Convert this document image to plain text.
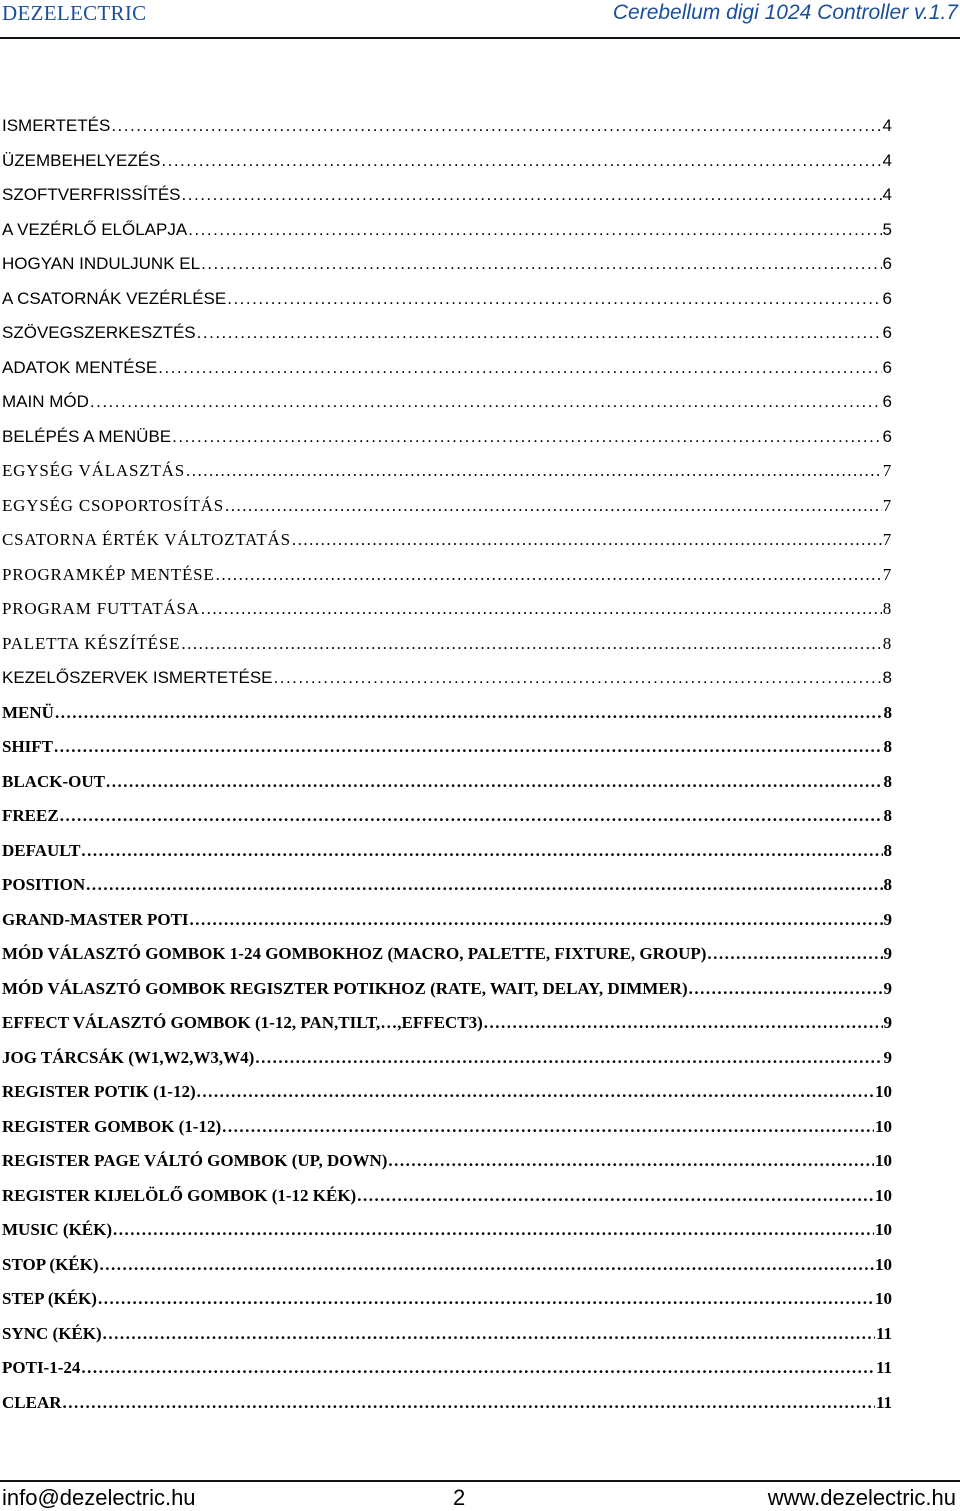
DEZELECTRIC	Cerebellum digi 1024 Controller v.1.7
ISMERTETÉS .....	4
ÜZEMBEHELYEZÉS .....	4
SZOFTVERFRISSÍTÉS .....	4
A VEZÉRLŐ ELŐLAPJA .....	5
HOGYAN INDULJUNK EL .....	6
A CSATORNÁK VEZÉRLÉSE .....	6
SZÖVEGSZERKESZTÉS .....	6
ADATOK MENTÉSE .....	6
MAIN MÓD .....	6
BELÉPÉS A MENÜBE .....	6
EGYSÉG VÁLASZTÁS .....	7
EGYSÉG CSOPORTOSÍTÁS .....	7
CSATORNA ÉRTÉK VÁLTOZTATÁS .....	7
PROGRAMKÉP MENTÉSE .....	7
PROGRAM FUTTATÁSA .....	8
PALETTA KÉSZÍTÉSE .....	8
KEZELŐSZERVEK ISMERTETÉSE .....	8
MENÜ .....	8
SHIFT .....	8
BLACK-OUT .....	8
FREEZ .....	8
DEFAULT .....	8
POSITION .....	8
GRAND-MASTER POTI .....	9
MÓD VÁLASZTÓ GOMBOK 1-24 GOMBOKHOZ (MACRO, PALETTE, FIXTURE, GROUP) .....	9
MÓD VÁLASZTÓ GOMBOK REGISZTER POTIKHOZ (RATE, WAIT, DELAY, DIMMER) .....	9
EFFECT VÁLASZTÓ GOMBOK (1-12, PAN,TILT,…,EFFECT3) .....	9
JOG TÁRCSÁK (W1,W2,W3,W4) .....	9
REGISTER POTIK (1-12) .....	10
REGISTER GOMBOK (1-12) .....	10
REGISTER PAGE VÁLTÓ GOMBOK (UP, DOWN) .....	10
REGISTER KIJELÖLŐ GOMBOK (1-12 KÉK) .....	10
MUSIC (KÉK) .....	10
STOP (KÉK) .....	10
STEP (KÉK) .....	10
SYNC (KÉK) .....	11
POTI-1-24 .....	11
CLEAR .....	11
info@dezelectric.hu	2	www.dezelectric.hu
